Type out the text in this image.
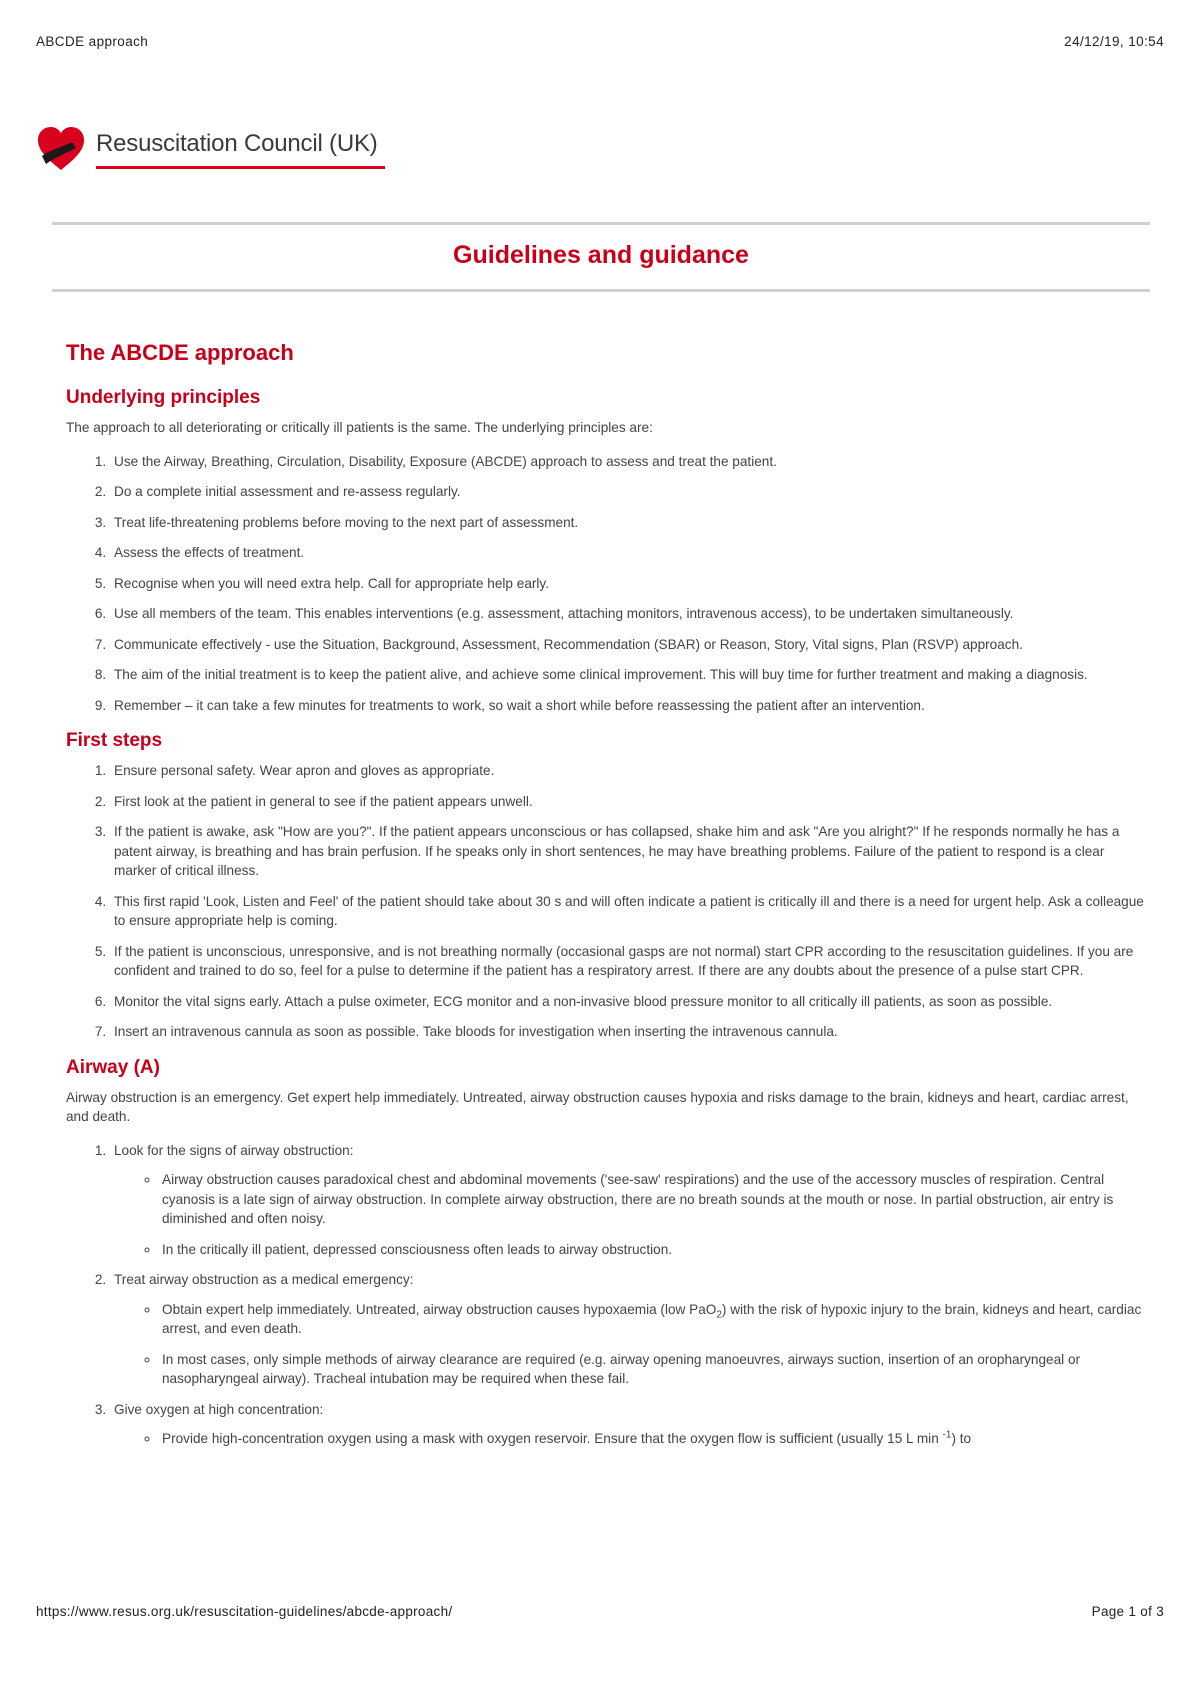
ABCDE approach	24/12/19, 10:54
Resuscitation Council (UK)
Guidelines and guidance
The ABCDE approach
Underlying principles

The approach to all deteriorating or critically ill patients is the same. The underlying principles are:

1. Use the Airway, Breathing, Circulation, Disability, Exposure (ABCDE) approach to assess and treat the patient.
2. Do a complete initial assessment and re-assess regularly.
3. Treat life-threatening problems before moving to the next part of assessment.
4. Assess the effects of treatment.
5. Recognise when you will need extra help. Call for appropriate help early.
6. Use all members of the team. This enables interventions (e.g. assessment, attaching monitors, intravenous access), to be undertaken simultaneously.
7. Communicate effectively - use the Situation, Background, Assessment, Recommendation (SBAR) or Reason, Story, Vital signs, Plan (RSVP) approach.
8. The aim of the initial treatment is to keep the patient alive, and achieve some clinical improvement. This will buy time for further treatment and making a diagnosis.
9. Remember – it can take a few minutes for treatments to work, so wait a short while before reassessing the patient after an intervention.
First steps
1. Ensure personal safety. Wear apron and gloves as appropriate.
2. First look at the patient in general to see if the patient appears unwell.
3. If the patient is awake, ask "How are you?". If the patient appears unconscious or has collapsed, shake him and ask "Are you alright?" If he responds normally he has a patent airway, is breathing and has brain perfusion. If he speaks only in short sentences, he may have breathing problems. Failure of the patient to respond is a clear marker of critical illness.
4. This first rapid 'Look, Listen and Feel' of the patient should take about 30 s and will often indicate a patient is critically ill and there is a need for urgent help. Ask a colleague to ensure appropriate help is coming.
5. If the patient is unconscious, unresponsive, and is not breathing normally (occasional gasps are not normal) start CPR according to the resuscitation guidelines. If you are confident and trained to do so, feel for a pulse to determine if the patient has a respiratory arrest. If there are any doubts about the presence of a pulse start CPR.
6. Monitor the vital signs early. Attach a pulse oximeter, ECG monitor and a non-invasive blood pressure monitor to all critically ill patients, as soon as possible.
7. Insert an intravenous cannula as soon as possible. Take bloods for investigation when inserting the intravenous cannula.
Airway (A)

Airway obstruction is an emergency. Get expert help immediately. Untreated, airway obstruction causes hypoxia and risks damage to the brain, kidneys and heart, cardiac arrest, and death.

1. Look for the signs of airway obstruction:
◦ Airway obstruction causes paradoxical chest and abdominal movements ('see-saw' respirations) and the use of the accessory muscles of respiration. Central cyanosis is a late sign of airway obstruction. In complete airway obstruction, there are no breath sounds at the mouth or nose. In partial obstruction, air entry is diminished and often noisy.
◦ In the critically ill patient, depressed consciousness often leads to airway obstruction.
2. Treat airway obstruction as a medical emergency:
◦ Obtain expert help immediately. Untreated, airway obstruction causes hypoxaemia (low PaO$_2$) with the risk of hypoxic injury to the brain, kidneys and heart, cardiac arrest, and even death.
◦ In most cases, only simple methods of airway clearance are required (e.g. airway opening manoeuvres, airways suction, insertion of an oropharyngeal or nasopharyngeal airway). Tracheal intubation may be required when these fail.
3. Give oxygen at high concentration:
◦ Provide high-concentration oxygen using a mask with oxygen reservoir. Ensure that the oxygen flow is sufficient (usually 15 L min $^{-1}$) to
https://www.resus.org.uk/resuscitation-guidelines/abcde-approach/	Page 1 of 3
